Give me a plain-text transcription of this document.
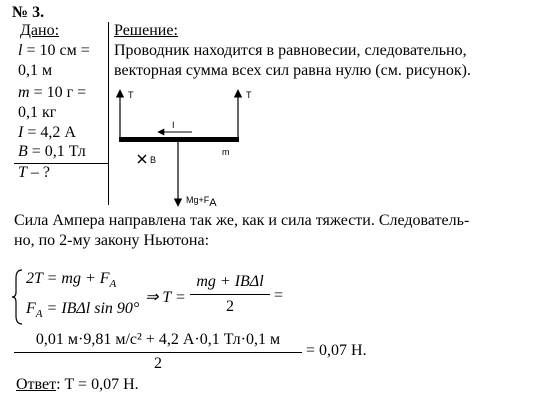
№ 3.
Дано:
l = 10 см =
0,1 м
m = 10 г =
0,1 кг
I = 4,2 А
B = 0,1 Тл
T – ?
Решение:
Проводник находится в равновесии, следовательно,
векторная сумма всех сил равна нулю (см. рисунок).
T	T
I
B
m
$Mg+F_A$
Сила Ампера направлена так же, как и сила тяжести. Следователь-
но, по 2-му закону Ньютона:
2T = mg + $F_A$
$F_A = IB\Delta l$ sin 90°
⇒ T =
mg + IBΔl
2
=
0,01 м·9,81 м/с² + 4,2 А·0,1 Тл·0,1 м
2
= 0,07 Н.
Ответ: T = 0,07 Н.
